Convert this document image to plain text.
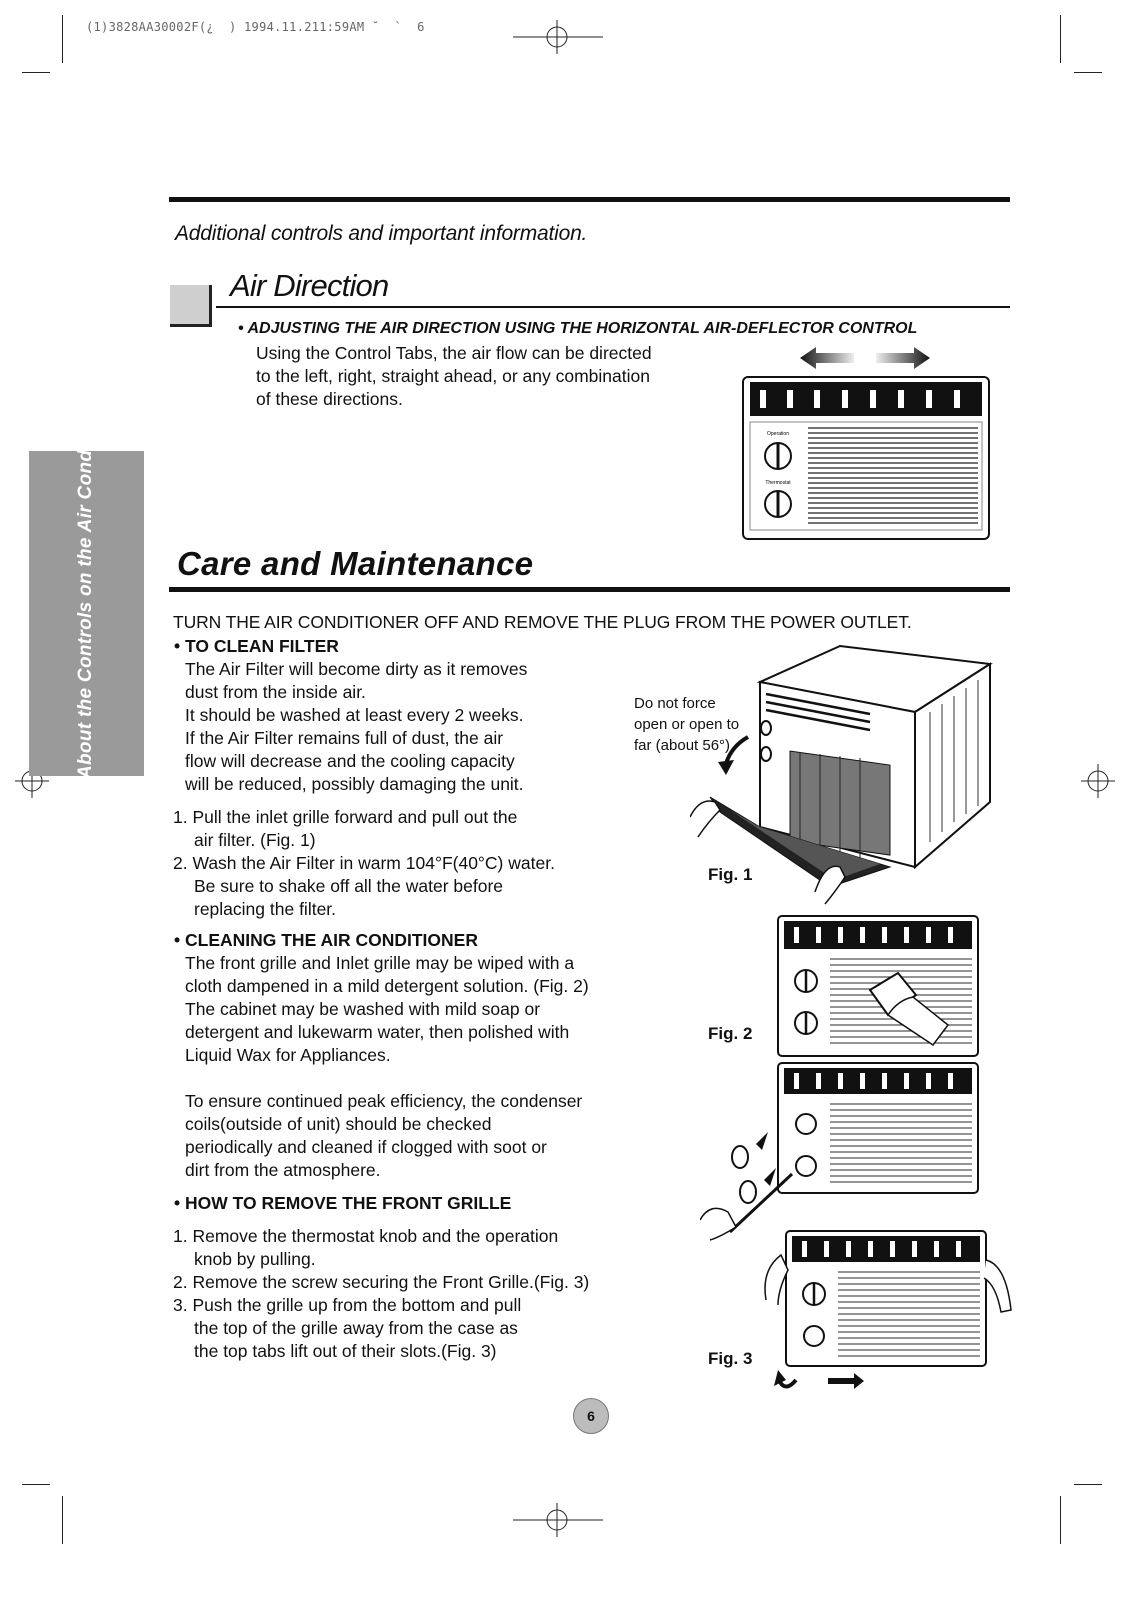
(1)3828AA30002F(¿  ) 1994.11.211:59AM ˘  `  6
Additional controls and important information.
Air Direction
• ADJUSTING THE AIR DIRECTION USING THE HORIZONTAL AIR-DEFLECTOR CONTROL
Using the Control Tabs, the air flow can be directed
to the left, right, straight ahead, or any combination
of these directions.
Operation
Thermostat
About the Controls on the Air Conditioner Care and Maintenance
TURN THE AIR CONDITIONER OFF AND REMOVE THE PLUG FROM THE POWER OUTLET.
• TO CLEAN FILTER
The Air Filter will become dirty as it removes
dust from the inside air.
It should be washed at least every 2 weeks.
If the Air Filter remains full of dust, the air
flow will decrease and the cooling capacity
will be reduced, possibly damaging the unit.
1. Pull the inlet grille forward and pull out the
air filter. (Fig. 1)
2. Wash the Air Filter in warm 104°F(40°C) water.
Be sure to shake off all the water before
replacing the filter.
• CLEANING THE AIR CONDITIONER
The front grille and Inlet grille may be wiped with a
cloth dampened in a mild detergent solution. (Fig. 2)
The cabinet may be washed with mild soap or
detergent and lukewarm water, then polished with
Liquid Wax for Appliances.
To ensure continued peak efficiency, the condenser
coils(outside of unit) should be checked
periodically and cleaned if clogged with soot or
dirt from the atmosphere.
• HOW TO REMOVE THE FRONT GRILLE
1. Remove the thermostat knob and the operation
knob by pulling.
2. Remove the screw securing the Front Grille.(Fig. 3)
3. Push the grille up from the bottom and pull
the top of the grille away from the case as
the top tabs lift out of their slots.(Fig. 3)
Do not force
open or open to
far (about 56°)
Fig. 1
Fig. 2
Fig. 3
6
